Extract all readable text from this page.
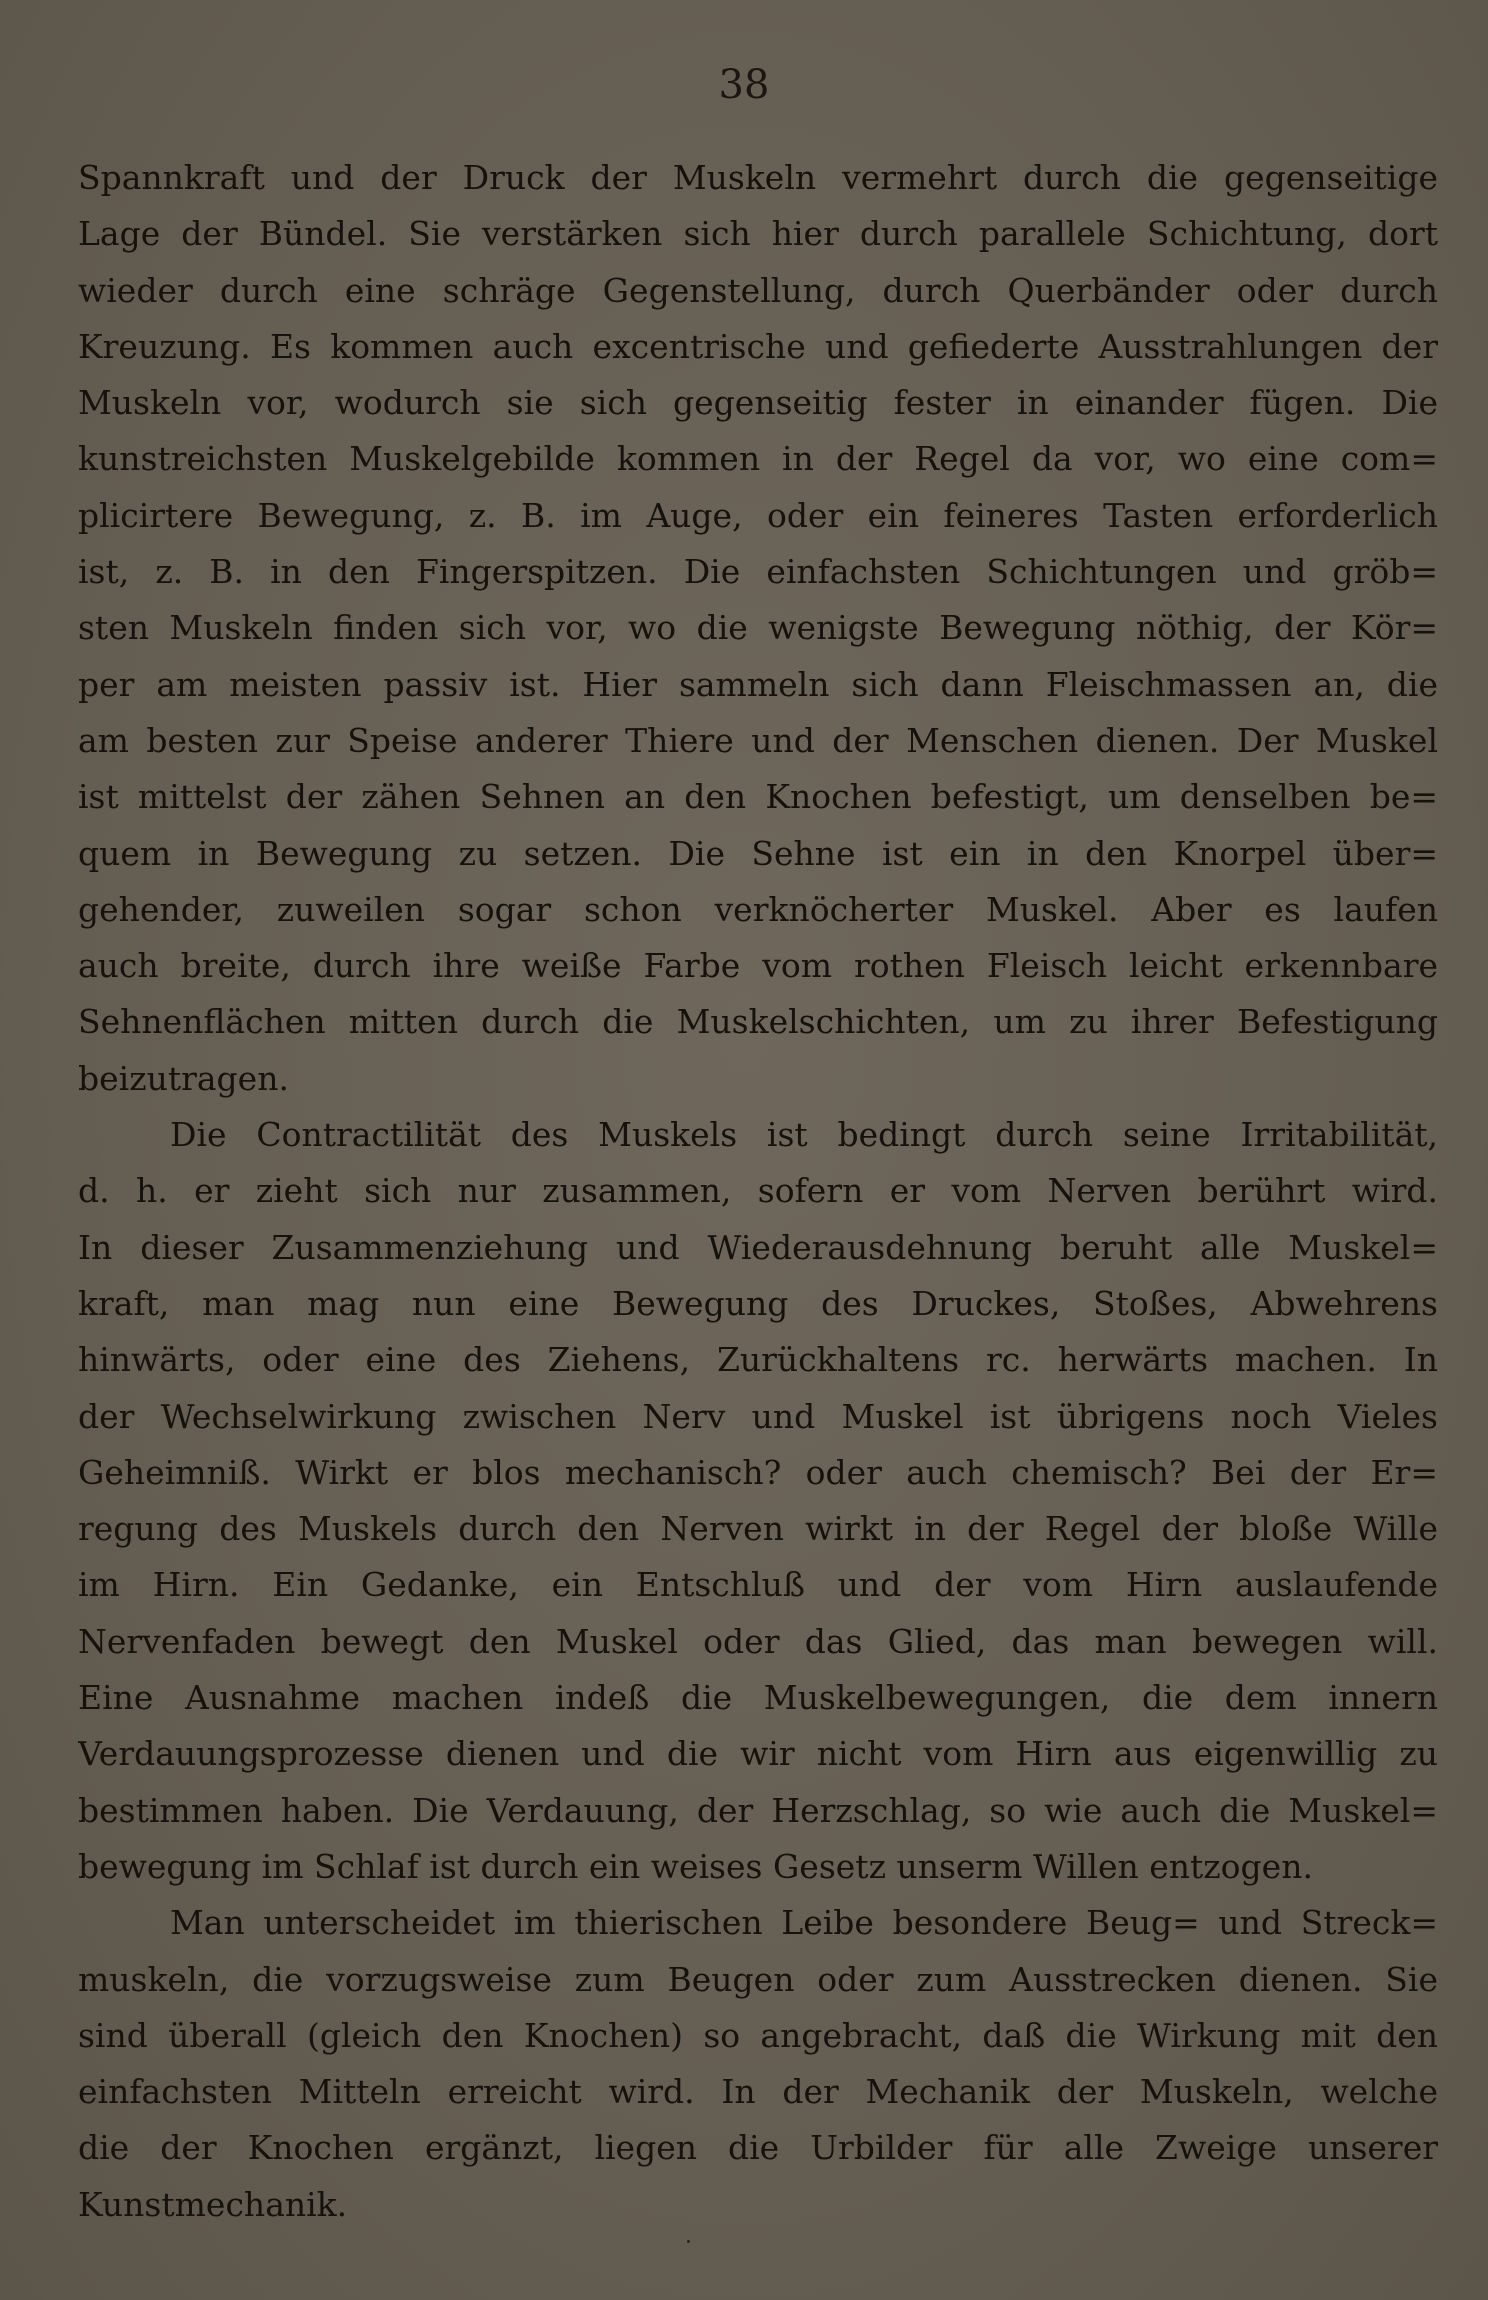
38
Spannkraft und der Druck der Muskeln vermehrt durch die gegenseitige
Lage der Bündel. Sie verstärken sich hier durch parallele Schichtung, dort
wieder durch eine schräge Gegenstellung, durch Querbänder oder durch
Kreuzung. Es kommen auch excentrische und gefiederte Ausstrahlungen der
Muskeln vor, wodurch sie sich gegenseitig fester in einander fügen. Die
kunstreichsten Muskelgebilde kommen in der Regel da vor, wo eine com=
plicirtere Bewegung, z. B. im Auge, oder ein feineres Tasten erforderlich
ist, z. B. in den Fingerspitzen. Die einfachsten Schichtungen und gröb=
sten Muskeln finden sich vor, wo die wenigste Bewegung nöthig, der Kör=
per am meisten passiv ist. Hier sammeln sich dann Fleischmassen an, die
am besten zur Speise anderer Thiere und der Menschen dienen. Der Muskel
ist mittelst der zähen Sehnen an den Knochen befestigt, um denselben be=
quem in Bewegung zu setzen. Die Sehne ist ein in den Knorpel über=
gehender, zuweilen sogar schon verknöcherter Muskel. Aber es laufen
auch breite, durch ihre weiße Farbe vom rothen Fleisch leicht erkennbare
Sehnenflächen mitten durch die Muskelschichten, um zu ihrer Befestigung
beizutragen.
Die Contractilität des Muskels ist bedingt durch seine Irritabilität,
d. h. er zieht sich nur zusammen, sofern er vom Nerven berührt wird.
In dieser Zusammenziehung und Wiederausdehnung beruht alle Muskel=
kraft, man mag nun eine Bewegung des Druckes, Stoßes, Abwehrens
hinwärts, oder eine des Ziehens, Zurückhaltens rc. herwärts machen. In
der Wechselwirkung zwischen Nerv und Muskel ist übrigens noch Vieles
Geheimniß. Wirkt er blos mechanisch? oder auch chemisch? Bei der Er=
regung des Muskels durch den Nerven wirkt in der Regel der bloße Wille
im Hirn. Ein Gedanke, ein Entschluß und der vom Hirn auslaufende
Nervenfaden bewegt den Muskel oder das Glied, das man bewegen will.
Eine Ausnahme machen indeß die Muskelbewegungen, die dem innern
Verdauungsprozesse dienen und die wir nicht vom Hirn aus eigenwillig zu
bestimmen haben. Die Verdauung, der Herzschlag, so wie auch die Muskel=
bewegung im Schlaf ist durch ein weises Gesetz unserm Willen entzogen.
Man unterscheidet im thierischen Leibe besondere Beug= und Streck=
muskeln, die vorzugsweise zum Beugen oder zum Ausstrecken dienen. Sie
sind überall (gleich den Knochen) so angebracht, daß die Wirkung mit den
einfachsten Mitteln erreicht wird. In der Mechanik der Muskeln, welche
die der Knochen ergänzt, liegen die Urbilder für alle Zweige unserer
Kunstmechanik.
